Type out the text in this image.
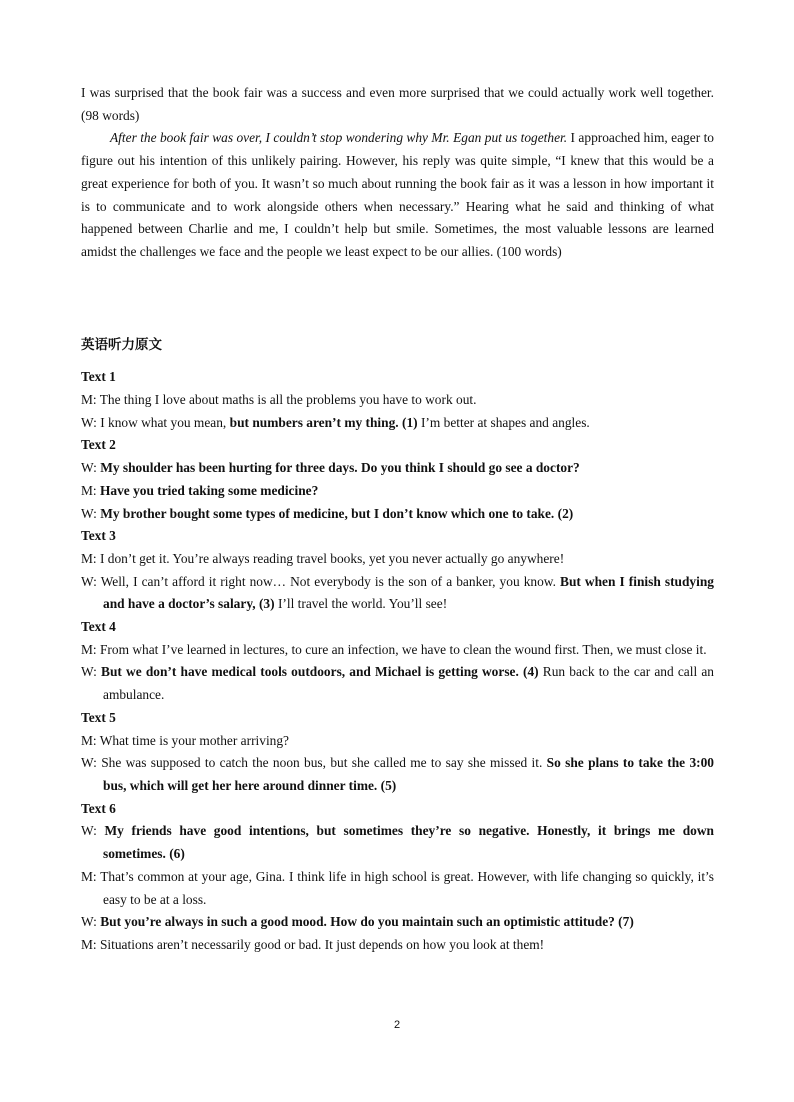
I was surprised that the book fair was a success and even more surprised that we could actually work well together. (98 words)

After the book fair was over, I couldn’t stop wondering why Mr. Egan put us together. I approached him, eager to figure out his intention of this unlikely pairing. However, his reply was quite simple, “I knew that this would be a great experience for both of you. It wasn’t so much about running the book fair as it was a lesson in how important it is to communicate and to work alongside others when necessary.” Hearing what he said and thinking of what happened between Charlie and me, I couldn’t help but smile. Sometimes, the most valuable lessons are learned amidst the challenges we face and the people we least expect to be our allies. (100 words)

英语听力原文

Text 1

M: The thing I love about maths is all the problems you have to work out.

W: I know what you mean, but numbers aren’t my thing. (1) I’m better at shapes and angles.

Text 2

W: My shoulder has been hurting for three days. Do you think I should go see a doctor?

M: Have you tried taking some medicine?

W: My brother bought some types of medicine, but I don’t know which one to take. (2)

Text 3

M: I don’t get it. You’re always reading travel books, yet you never actually go anywhere!

W: Well, I can’t afford it right now… Not everybody is the son of a banker, you know. But when I finish studying and have a doctor’s salary, (3) I’ll travel the world. You’ll see!

Text 4

M: From what I’ve learned in lectures, to cure an infection, we have to clean the wound first. Then, we must close it.

W: But we don’t have medical tools outdoors, and Michael is getting worse. (4) Run back to the car and call an ambulance.

Text 5

M: What time is your mother arriving?

W: She was supposed to catch the noon bus, but she called me to say she missed it. So she plans to take the 3:00 bus, which will get her here around dinner time. (5)

Text 6

W: My friends have good intentions, but sometimes they’re so negative. Honestly, it brings me down sometimes. (6)

M: That’s common at your age, Gina. I think life in high school is great. However, with life changing so quickly, it’s easy to be at a loss.

W: But you’re always in such a good mood. How do you maintain such an optimistic attitude? (7)

M: Situations aren’t necessarily good or bad. It just depends on how you look at them!

2
